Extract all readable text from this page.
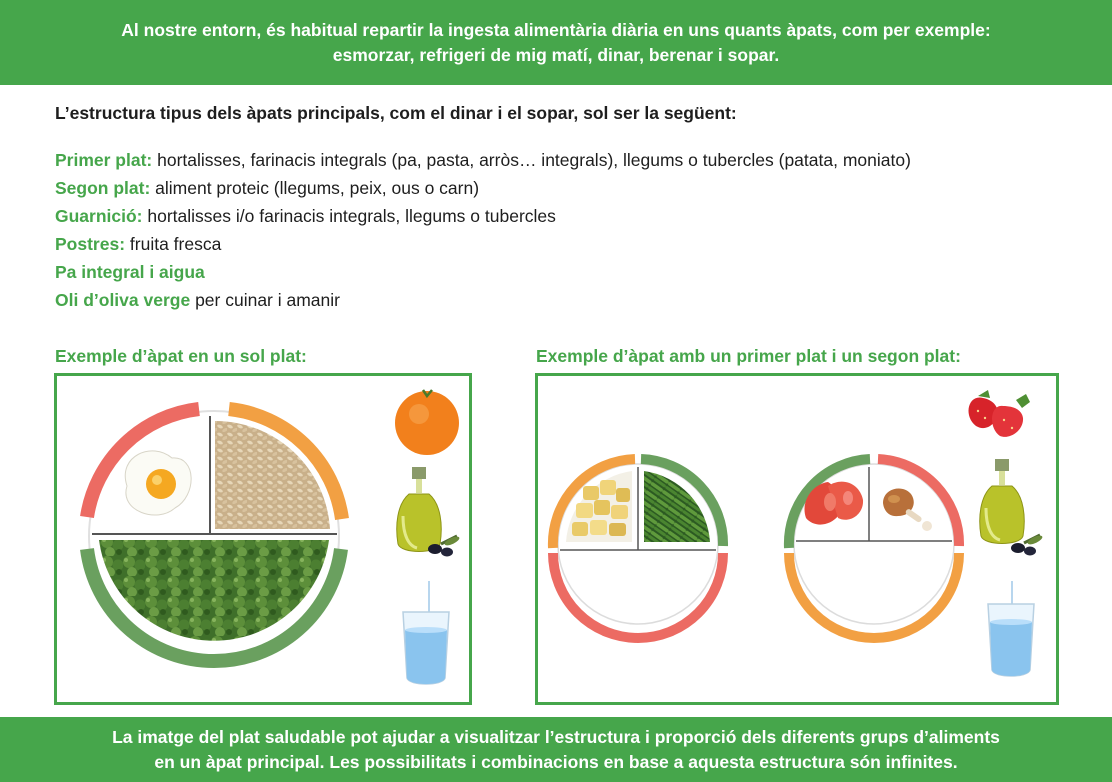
Al nostre entorn, és habitual repartir la ingesta alimentària diària en uns quants àpats, com per exemple:
esmorzar, refrigeri de mig matí, dinar, berenar i sopar.
L’estructura tipus dels àpats principals, com el dinar i el sopar, sol ser la següent:
Primer plat: hortalisses, farinacis integrals (pa, pasta, arròs… integrals), llegums o tubercles (patata, moniato)
Segon plat: aliment proteic (llegums, peix, ous o carn)
Guarnició: hortalisses i/o farinacis integrals, llegums o tubercles
Postres: fruita fresca
Pa integral i aigua
Oli d’oliva verge per cuinar i amanir
Exemple d’àpat en un sol plat:	Exemple d’àpat amb un primer plat i un segon plat:
La imatge del plat saludable pot ajudar a visualitzar l’estructura i proporció dels diferents grups d’aliments
en un àpat principal. Les possibilitats i combinacions en base a aquesta estructura són infinites.
